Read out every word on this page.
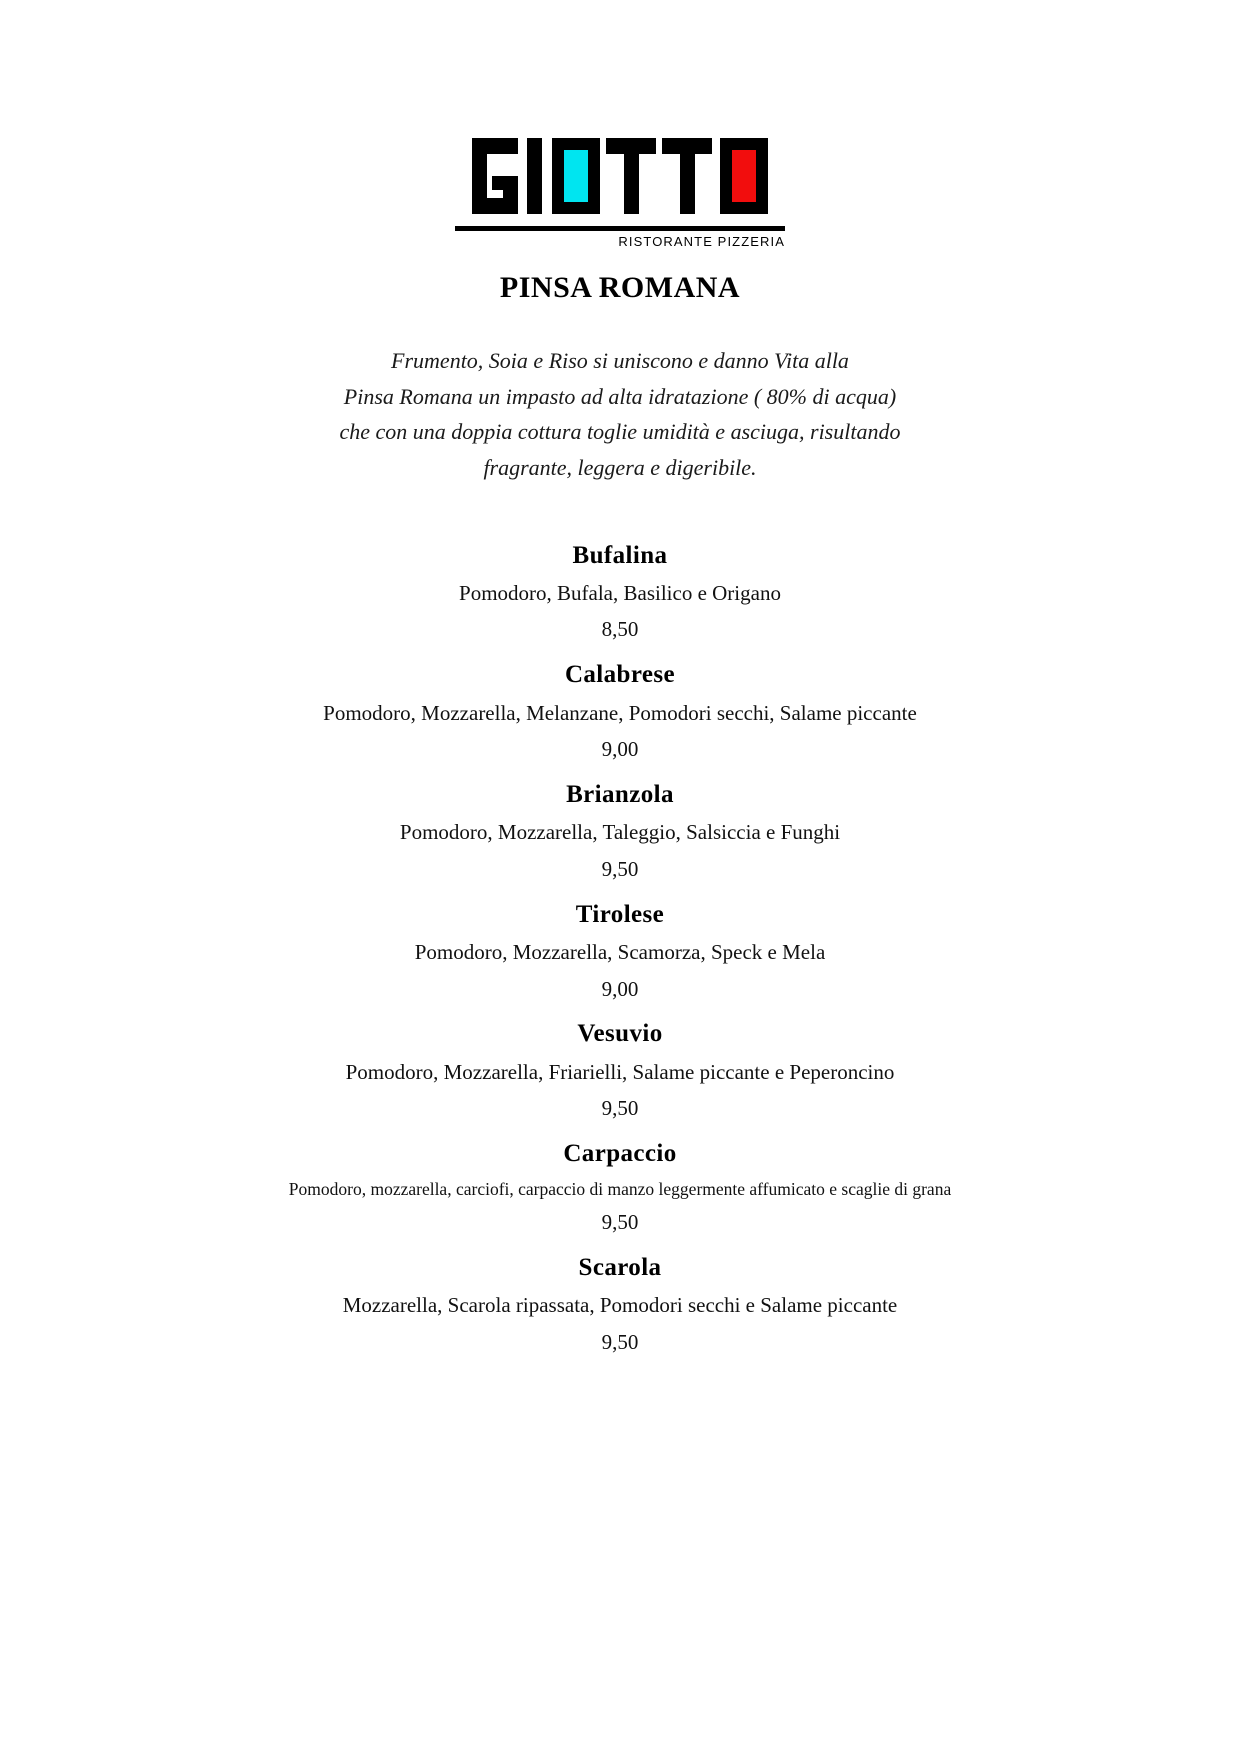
RISTORANTE PIZZERIA
PINSA ROMANA
Frumento, Soia e Riso si uniscono e danno Vita alla
Pinsa Romana un impasto ad alta idratazione ( 80% di acqua)
che con una doppia cottura toglie umidità e asciuga, risultando
fragrante, leggera e digeribile.
Bufalina
Pomodoro, Bufala, Basilico e Origano
8,50
Calabrese
Pomodoro, Mozzarella, Melanzane, Pomodori secchi, Salame piccante
9,00
Brianzola
Pomodoro, Mozzarella, Taleggio, Salsiccia e Funghi
9,50
Tirolese
Pomodoro, Mozzarella, Scamorza, Speck e Mela
9,00
Vesuvio
Pomodoro, Mozzarella, Friarielli, Salame piccante e Peperoncino
9,50
Carpaccio
Pomodoro, mozzarella, carciofi, carpaccio di manzo leggermente affumicato e scaglie di grana
9,50
Scarola
Mozzarella, Scarola ripassata, Pomodori secchi e Salame piccante
9,50
